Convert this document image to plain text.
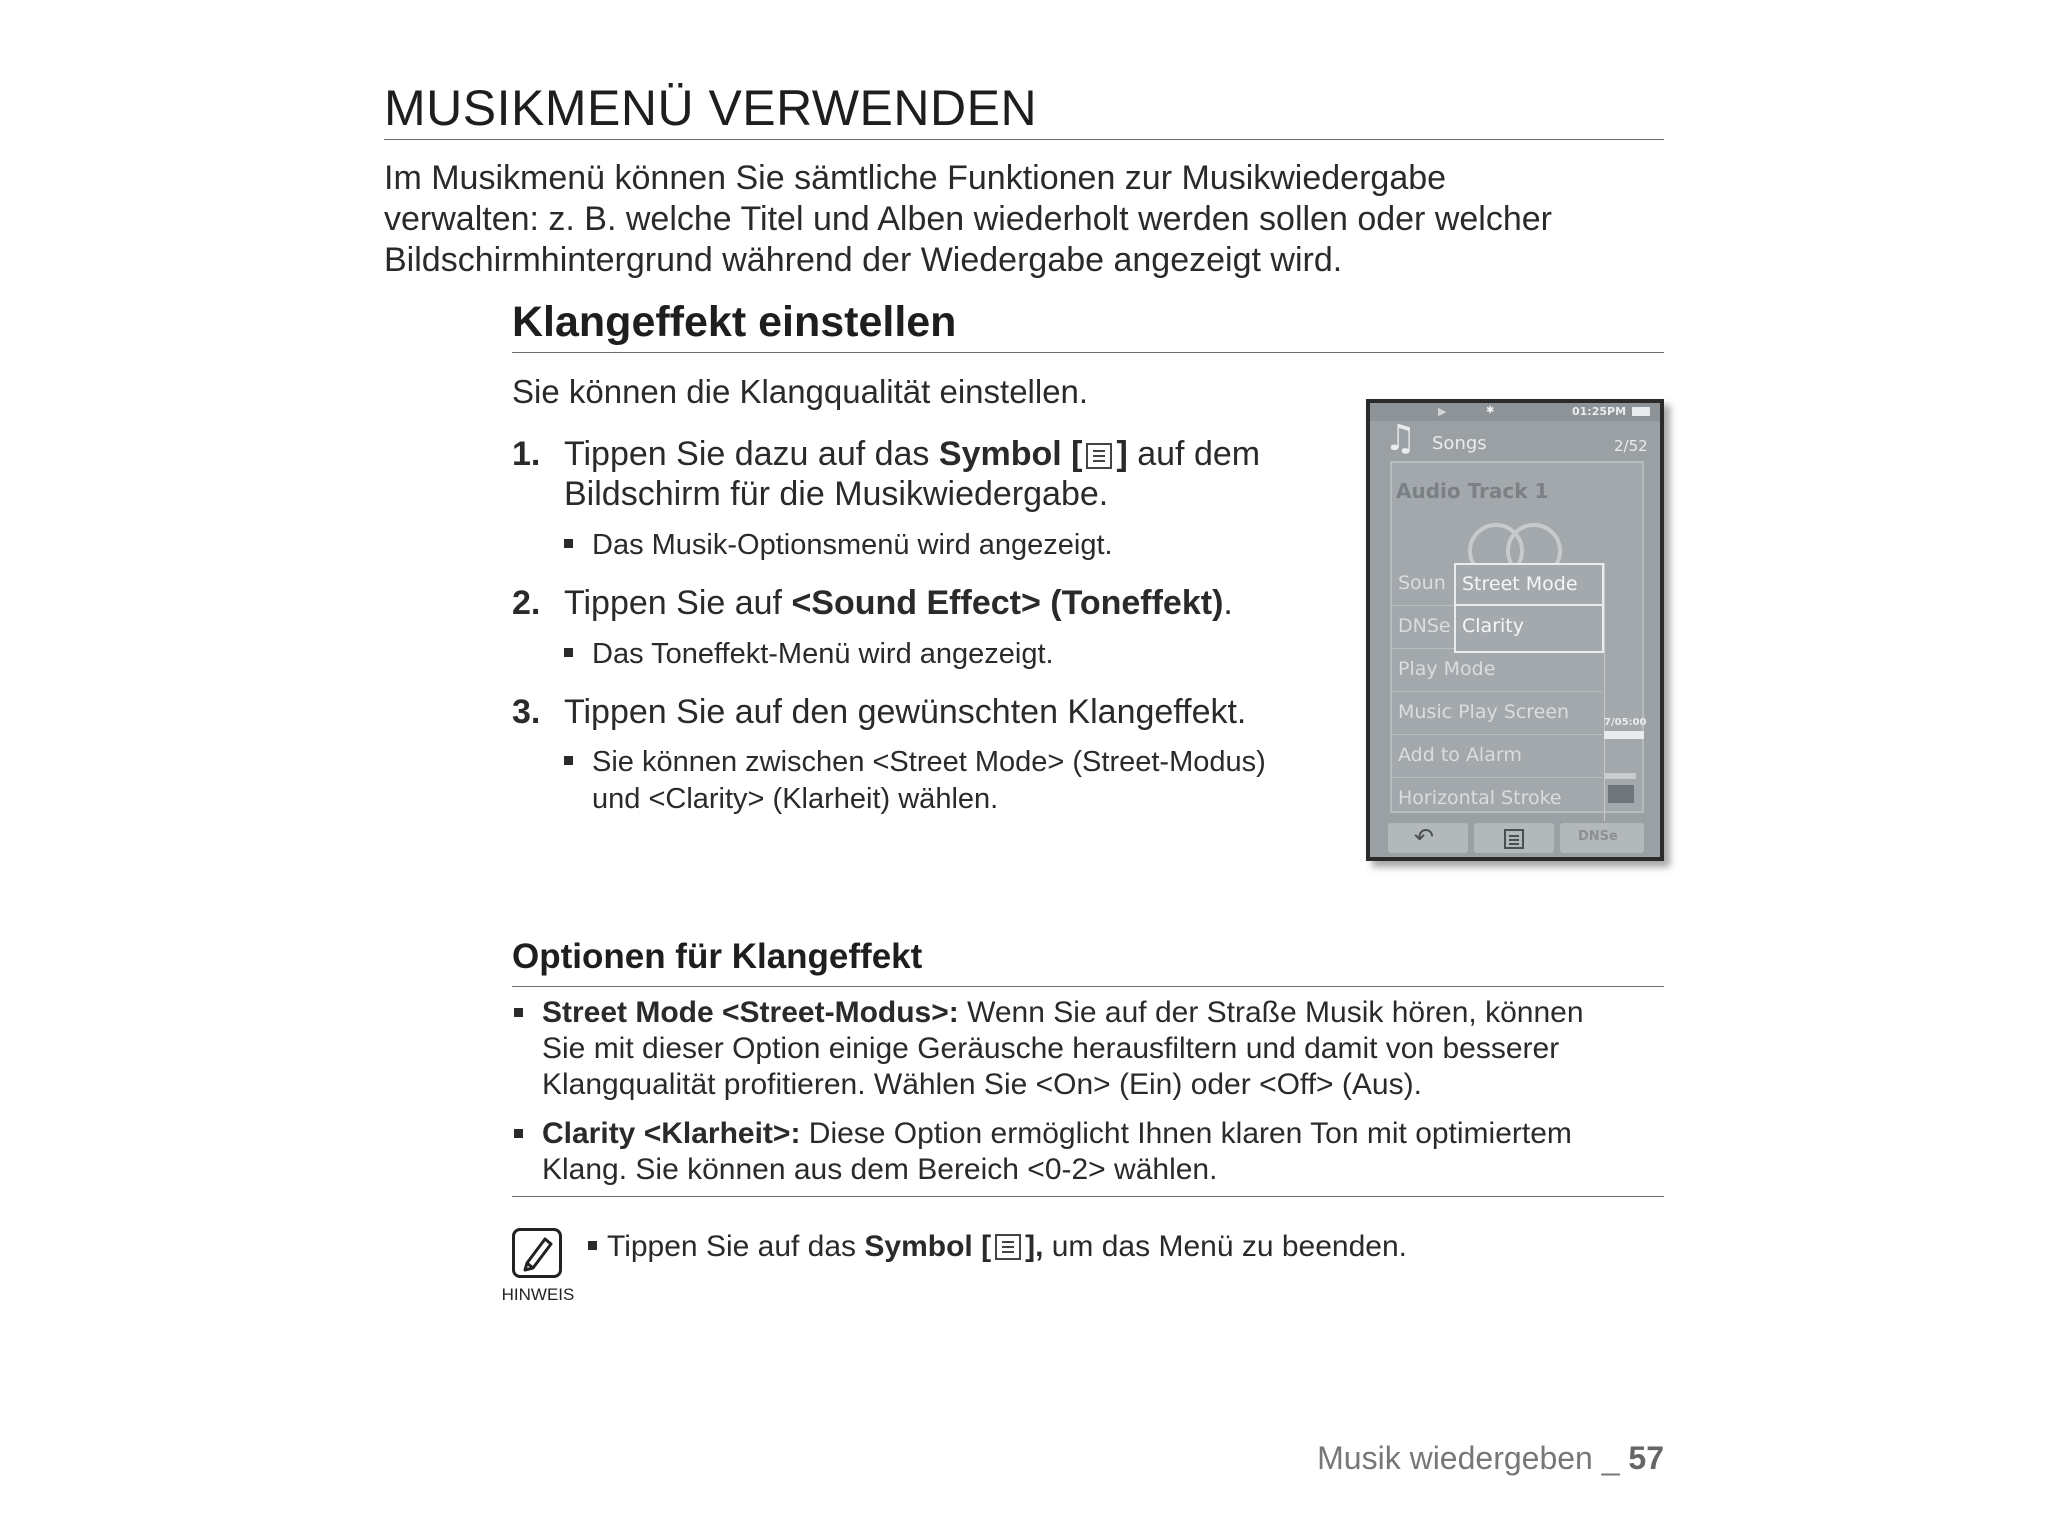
MUSIKMENÜ VERWENDEN

Im Musikmenü können Sie sämtliche Funktionen zur Musikwiedergabe

verwalten: z. B. welche Titel und Alben wiederholt werden sollen oder welcher

Bildschirmhintergrund während der Wiedergabe angezeigt wird.

Klangeffekt einstellen
Sie können die Klangqualität einstellen.
1. Tippen Sie dazu auf das Symbol [ ] auf dem
Bildschirm für die Musikwiedergabe.
Das Musik-Optionsmenü wird angezeigt.
2. Tippen Sie auf <Sound Effect> (Toneffekt).
Das Toneffekt-Menü wird angezeigt.
3. Tippen Sie auf den gewünschten Klangeffekt.
Sie können zwischen <Street Mode> (Street-Modus)
und <Clarity> (Klarheit) wählen.
▶	✱	01:25PM
♫ Songs	2/52
Audio Track 1
Soun
DNSe
Play Mode
Music Play Screen
Add to Alarm
Horizontal Stroke
7/05:00
Street Mode
Clarity
↶	DNSe
Optionen für Klangeffekt

Street Mode <Street-Modus>: Wenn Sie auf der Straße Musik hören, können

Sie mit dieser Option einige Geräusche herausfiltern und damit von besserer

Klangqualität profitieren. Wählen Sie <On> (Ein) oder <Off> (Aus).

Clarity <Klarheit>: Diese Option ermöglicht Ihnen klaren Ton mit optimiertem

Klang. Sie können aus dem Bereich <0-2> wählen.

HINWEIS
Tippen Sie auf das Symbol [ ], um das Menü zu beenden.
Musik wiedergeben _ 57
